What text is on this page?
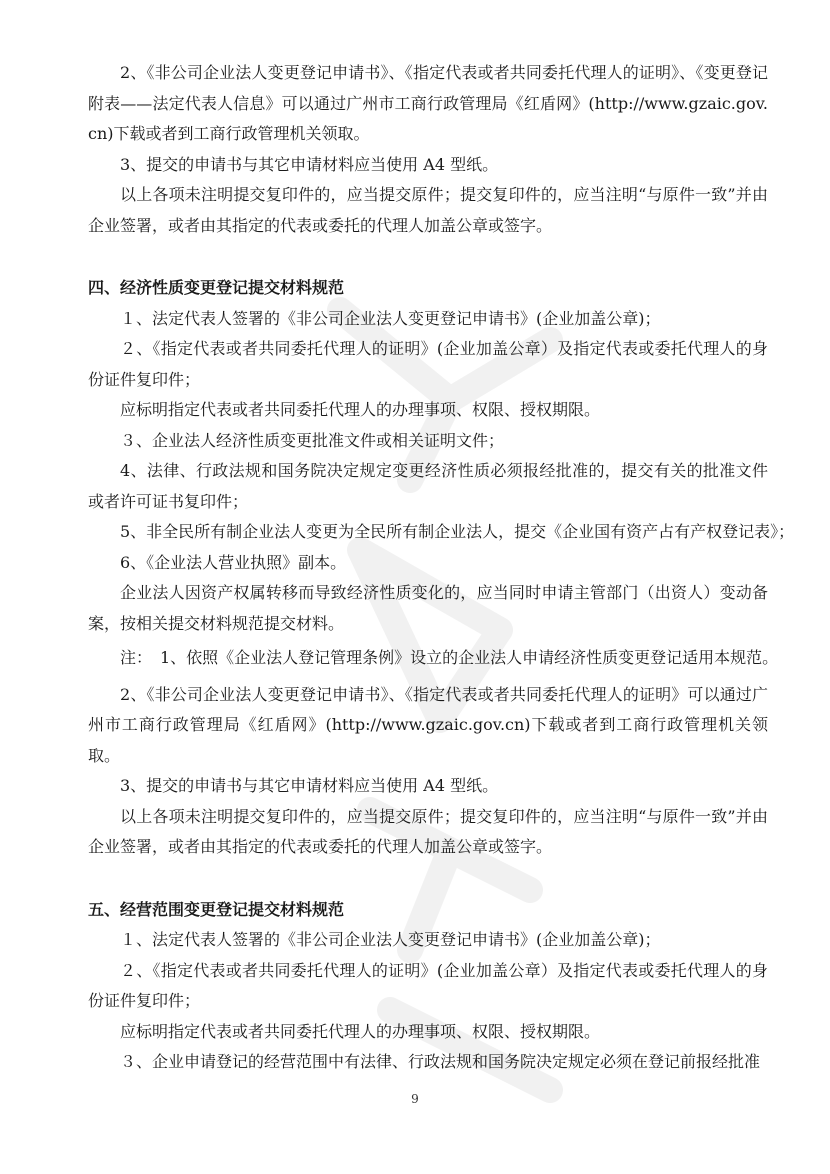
2、《非公司企业法人变更登记申请书》、《指定代表或者共同委托代理人的证明》、《变更登记附表——法定代表人信息》可以通过广州市工商行政管理局《红盾网》(http://www.gzaic.gov.cn)下载或者到工商行政管理机关领取。

3、提交的申请书与其它申请材料应当使用 A4 型纸。

以上各项未注明提交复印件的，应当提交原件；提交复印件的，应当注明“与原件一致”并由企业签署，或者由其指定的代表或委托的代理人加盖公章或签字。

四、经济性质变更登记提交材料规范

１、法定代表人签署的《非公司企业法人变更登记申请书》(企业加盖公章)；

２、《指定代表或者共同委托代理人的证明》(企业加盖公章）及指定代表或委托代理人的身份证件复印件；

应标明指定代表或者共同委托代理人的办理事项、权限、授权期限。

３、企业法人经济性质变更批准文件或相关证明文件；

4、法律、行政法规和国务院决定规定变更经济性质必须报经批准的，提交有关的批准文件或者许可证书复印件；

5、非全民所有制企业法人变更为全民所有制企业法人，提交《企业国有资产占有产权登记表》；

6、《企业法人营业执照》副本。

企业法人因资产权属转移而导致经济性质变化的，应当同时申请主管部门（出资人）变动备案，按相关提交材料规范提交材料。

注：　1、依照《企业法人登记管理条例》设立的企业法人申请经济性质变更登记适用本规范。

2、《非公司企业法人变更登记申请书》、《指定代表或者共同委托代理人的证明》可以通过广州市工商行政管理局《红盾网》(http://www.gzaic.gov.cn)下载或者到工商行政管理机关领取。

3、提交的申请书与其它申请材料应当使用 A4 型纸。

以上各项未注明提交复印件的，应当提交原件；提交复印件的，应当注明“与原件一致”并由企业签署，或者由其指定的代表或委托的代理人加盖公章或签字。

五、经营范围变更登记提交材料规范

１、法定代表人签署的《非公司企业法人变更登记申请书》(企业加盖公章)；

２、《指定代表或者共同委托代理人的证明》(企业加盖公章）及指定代表或委托代理人的身份证件复印件；

应标明指定代表或者共同委托代理人的办理事项、权限、授权期限。

３、企业申请登记的经营范围中有法律、行政法规和国务院决定规定必须在登记前报经批准

9
